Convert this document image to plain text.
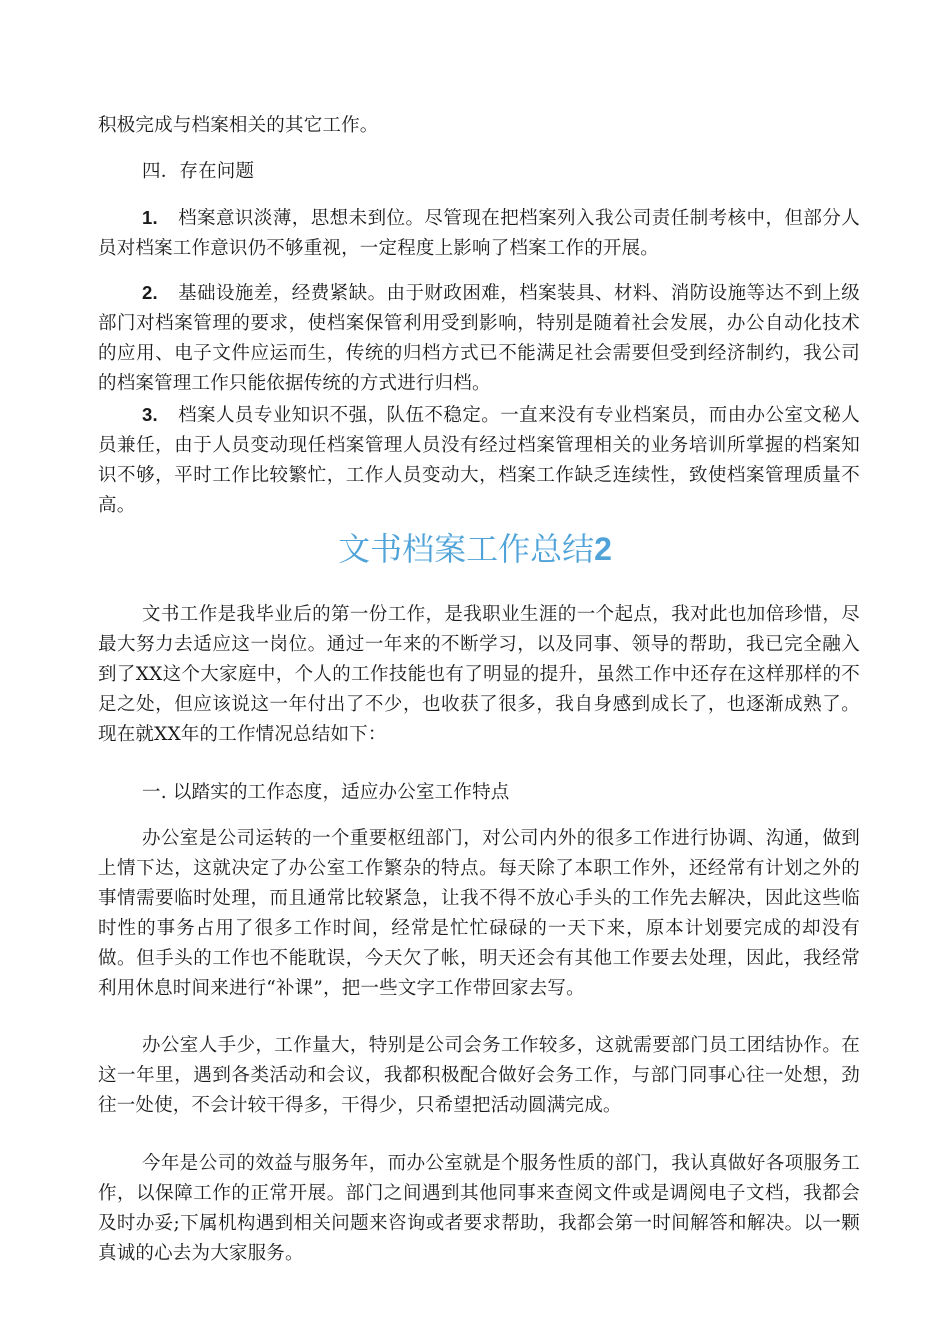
积极完成与档案相关的其它工作。

四．存在问题

1. 档案意识淡薄，思想未到位。尽管现在把档案列入我公司责任制考核中，但部分人员对档案工作意识仍不够重视，一定程度上影响了档案工作的开展。

2. 基础设施差，经费紧缺。由于财政困难，档案装具、材料、消防设施等达不到上级部门对档案管理的要求，使档案保管利用受到影响，特别是随着社会发展，办公自动化技术的应用、电子文件应运而生，传统的归档方式已不能满足社会需要但受到经济制约，我公司的档案管理工作只能依据传统的方式进行归档。

3. 档案人员专业知识不强，队伍不稳定。一直来没有专业档案员，而由办公室文秘人员兼任，由于人员变动现任档案管理人员没有经过档案管理相关的业务培训所掌握的档案知识不够，平时工作比较繁忙，工作人员变动大，档案工作缺乏连续性，致使档案管理质量不高。

文书档案工作总结2

文书工作是我毕业后的第一份工作，是我职业生涯的一个起点，我对此也加倍珍惜，尽最大努力去适应这一岗位。通过一年来的不断学习，以及同事、领导的帮助，我已完全融入到了XX这个大家庭中，个人的工作技能也有了明显的提升，虽然工作中还存在这样那样的不足之处，但应该说这一年付出了不少，也收获了很多，我自身感到成长了，也逐渐成熟了。现在就XX年的工作情况总结如下：

一. 以踏实的工作态度，适应办公室工作特点

办公室是公司运转的一个重要枢纽部门，对公司内外的很多工作进行协调、沟通，做到上情下达，这就决定了办公室工作繁杂的特点。每天除了本职工作外，还经常有计划之外的事情需要临时处理，而且通常比较紧急，让我不得不放心手头的工作先去解决，因此这些临时性的事务占用了很多工作时间，经常是忙忙碌碌的一天下来，原本计划要完成的却没有做。但手头的工作也不能耽误，今天欠了帐，明天还会有其他工作要去处理，因此，我经常利用休息时间来进行“补课”，把一些文字工作带回家去写。

办公室人手少，工作量大，特别是公司会务工作较多，这就需要部门员工团结协作。在这一年里，遇到各类活动和会议，我都积极配合做好会务工作，与部门同事心往一处想，劲往一处使，不会计较干得多，干得少，只希望把活动圆满完成。

今年是公司的效益与服务年，而办公室就是个服务性质的部门，我认真做好各项服务工作，以保障工作的正常开展。部门之间遇到其他同事来查阅文件或是调阅电子文档，我都会及时办妥;下属机构遇到相关问题来咨询或者要求帮助，我都会第一时间解答和解决。以一颗真诚的心去为大家服务。
